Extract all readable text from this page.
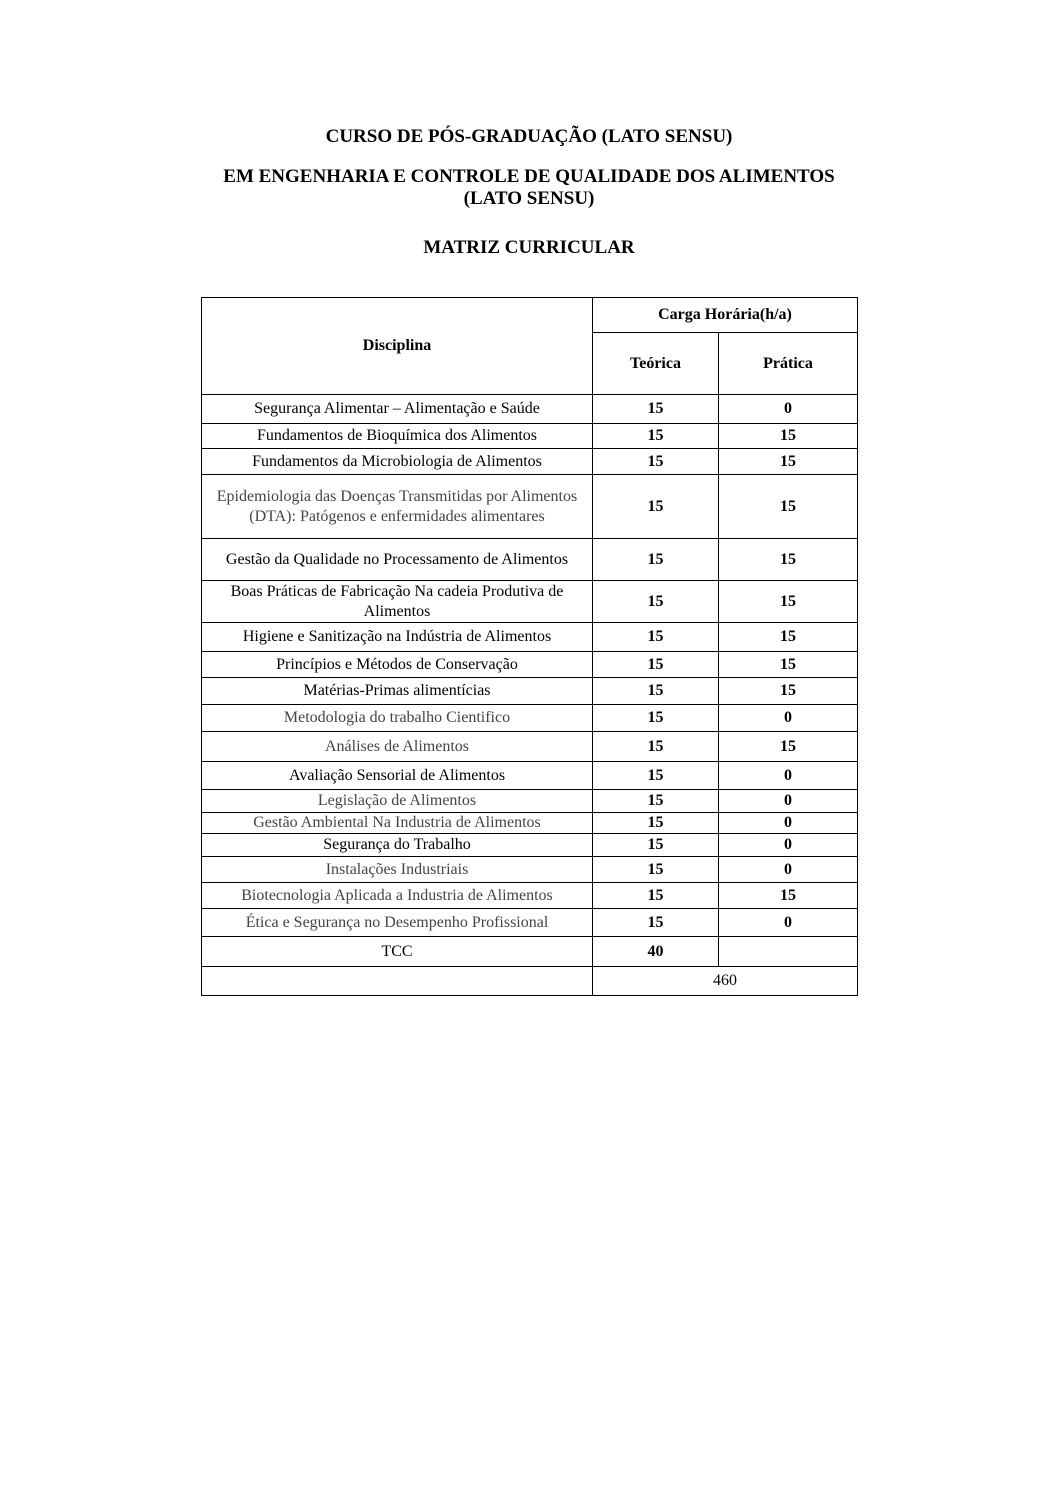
CURSO DE PÓS-GRADUAÇÃO (LATO SENSU)
EM ENGENHARIA E CONTROLE DE QUALIDADE DOS ALIMENTOS
(LATO SENSU)
MATRIZ CURRICULAR
Disciplina	Carga Horária(h/a)	
	Teórica	Prática
Segurança Alimentar – Alimentação e Saúde	15	0
Fundamentos de Bioquímica dos Alimentos	15	15
Fundamentos da Microbiologia de Alimentos	15	15
Epidemiologia das Doenças Transmitidas por Alimentos (DTA): Patógenos e enfermidades alimentares	15	15
Gestão da Qualidade no Processamento de Alimentos	15	15
Boas Práticas de Fabricação Na cadeia Produtiva de Alimentos	15	15
Higiene e Sanitização na Indústria de Alimentos	15	15
Princípios e Métodos de Conservação	15	15
Matérias-Primas alimentícias	15	15
Metodologia do trabalho Cientifico	15	0
Análises de Alimentos	15	15
Avaliação Sensorial de Alimentos	15	0
Legislação de Alimentos	15	0
Gestão Ambiental Na Industria de Alimentos	15	0
Segurança do Trabalho	15	0
Instalações Industriais	15	0
Biotecnologia Aplicada a Industria de Alimentos	15	15
Ética e Segurança no Desempenho Profissional	15	0
TCC	40	
	460	
